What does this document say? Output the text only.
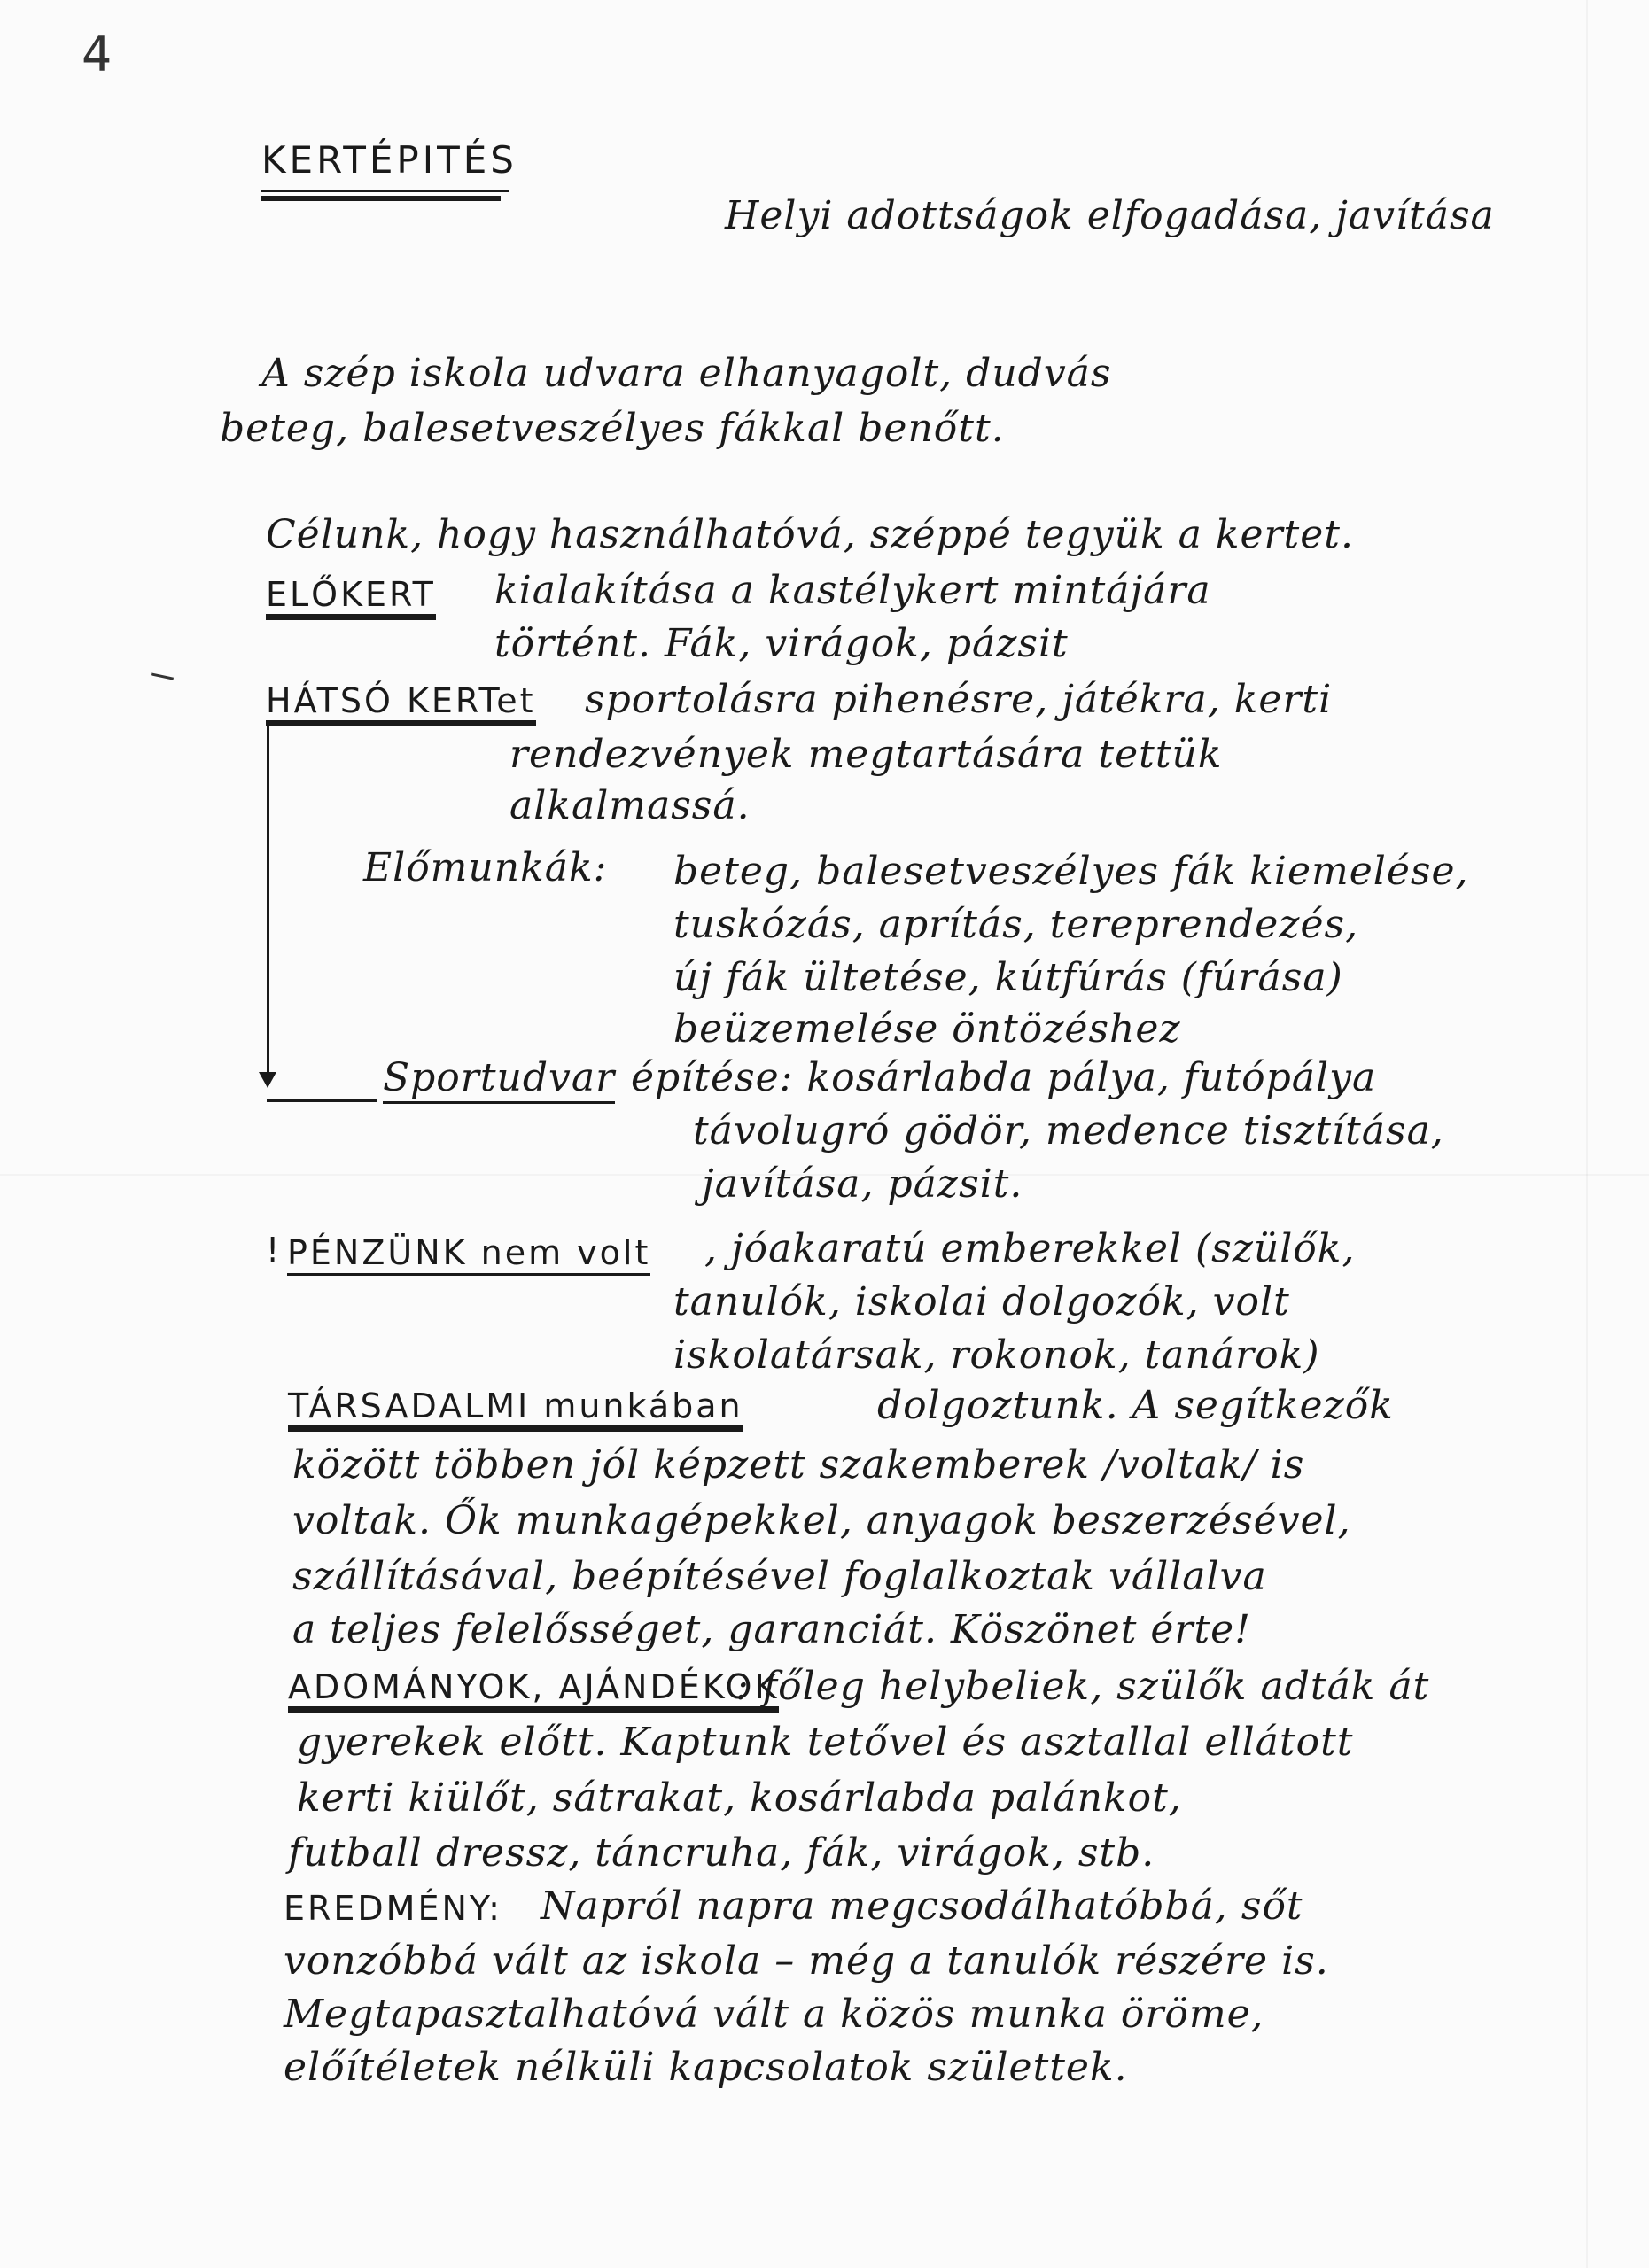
4
KERTÉPITÉS
Helyi adottságok elfogadása, javítása
A szép iskola udvara elhanyagolt, dudvás
beteg, balesetveszélyes fákkal benőtt.
Célunk, hogy használhatóvá, széppé tegyük a kertet.
ELŐKERT kialakítása a kastélykert mintájára
történt. Fák, virágok, pázsit
HÁTSÓ KERTet sportolásra pihenésre, játékra, kerti
rendezvények megtartására tettük
alkalmassá.
Előmunkák: beteg, balesetveszélyes fák kiemelése,
tuskózás, aprítás, tereprendezés,
új fák ültetése, kútfúrás (fúrása)
beüzemelése öntözéshez
Sportudvar építése: kosárlabda pálya, futópálya
távolugró gödör, medence tisztítása,
javítása, pázsit.
! PÉNZÜNK nem volt , jóakaratú emberekkel (szülők,
tanulók, iskolai dolgozók, volt
iskolatársak, rokonok, tanárok)
TÁRSADALMI munkában	dolgoztunk. A segítkezők
között többen jól képzett szakemberek /voltak/ is
voltak. Ők munkagépekkel, anyagok beszerzésével,
szállításával, beépítésével foglalkoztak vállalva
a teljes felelősséget, garanciát. Köszönet érte!
ADOMÁNYOK, AJÁNDÉKOK
: főleg helybeliek, szülők adták át
gyerekek előtt. Kaptunk tetővel és asztallal ellátott
kerti kiülőt, sátrakat, kosárlabda palánkot,
futball dressz, táncruha, fák, virágok, stb.
EREDMÉNY: Napról napra megcsodálhatóbbá, sőt
vonzóbbá vált az iskola – még a tanulók részére is.
Megtapasztalhatóvá vált a közös munka öröme,
előítéletek nélküli kapcsolatok születtek.
